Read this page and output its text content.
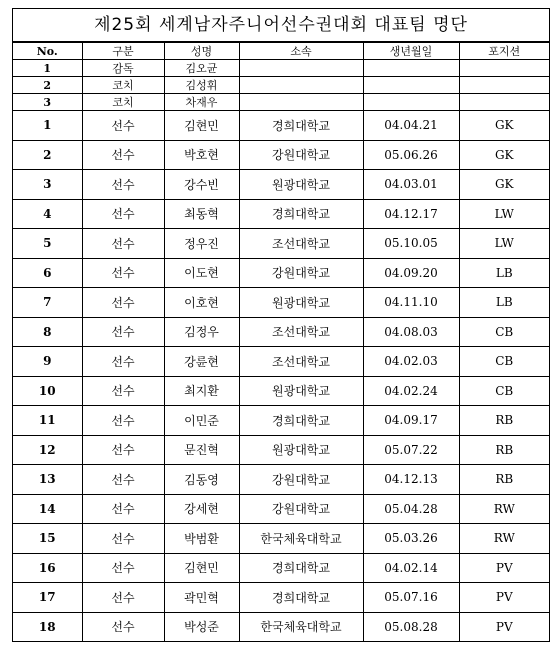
제25회 세계남자주니어선수권대회 대표팀 명단
No.	구분	성명	소속	생년월일	포지션
1	감독	김오균			
2	코치	김성휘			
3	코치	차재우			
1	선수	김현민	경희대학교	04.04.21	GK
2	선수	박호현	강원대학교	05.06.26	GK
3	선수	강수빈	원광대학교	04.03.01	GK
4	선수	최동혁	경희대학교	04.12.17	LW
5	선수	정우진	조선대학교	05.10.05	LW
6	선수	이도현	강원대학교	04.09.20	LB
7	선수	이호현	원광대학교	04.11.10	LB
8	선수	김정우	조선대학교	04.08.03	CB
9	선수	강륜현	조선대학교	04.02.03	CB
10	선수	최지환	원광대학교	04.02.24	CB
11	선수	이민준	경희대학교	04.09.17	RB
12	선수	문진혁	원광대학교	05.07.22	RB
13	선수	김동영	강원대학교	04.12.13	RB
14	선수	강세현	강원대학교	05.04.28	RW
15	선수	박범환	한국체육대학교	05.03.26	RW
16	선수	김현민	경희대학교	04.02.14	PV
17	선수	곽민혁	경희대학교	05.07.16	PV
18	선수	박성준	한국체육대학교	05.08.28	PV
